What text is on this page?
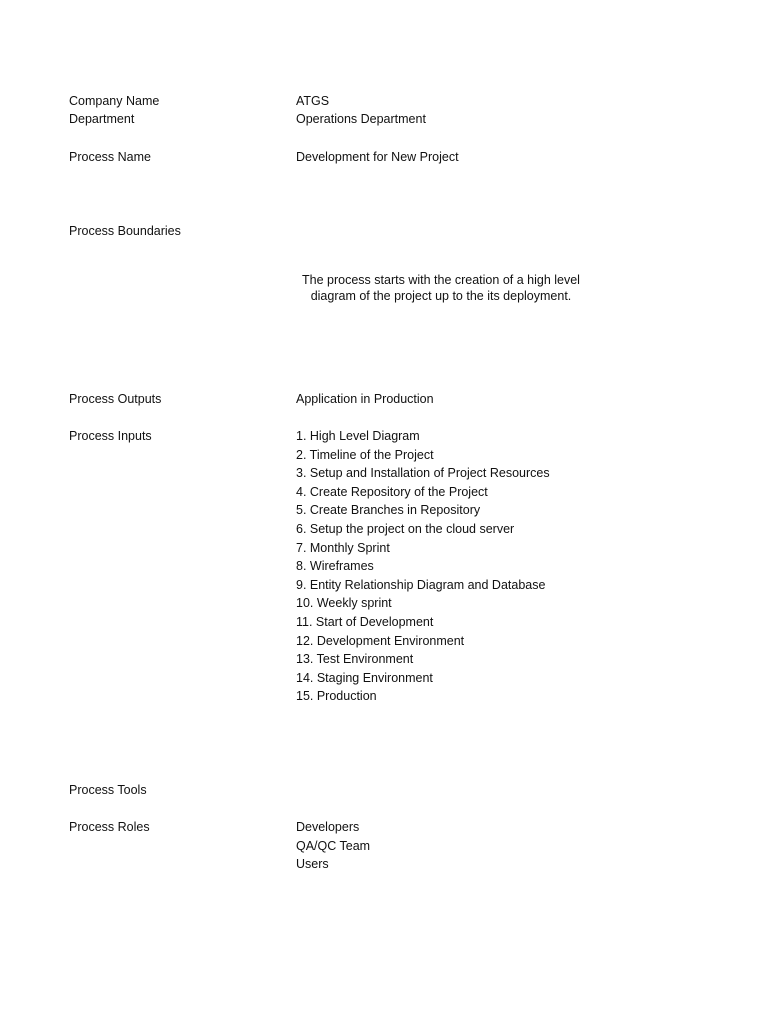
Company Name	ATGS
Department	Operations Department
Process Name	Development for New Project
Process Boundaries
The process starts with the creation of a high level diagram of the project up to the its deployment.
Process Outputs	Application in Production
Process Inputs	1. High Level Diagram
2. Timeline of the Project
3. Setup and Installation of Project Resources
4. Create Repository of the Project
5. Create Branches in Repository
6. Setup the project on the cloud server
7. Monthly Sprint
8. Wireframes
9. Entity Relationship Diagram and Database
10. Weekly sprint
11. Start of Development
12. Development Environment
13. Test Environment
14. Staging Environment
15. Production
Process Tools
Process Roles	Developers
QA/QC Team
Users
